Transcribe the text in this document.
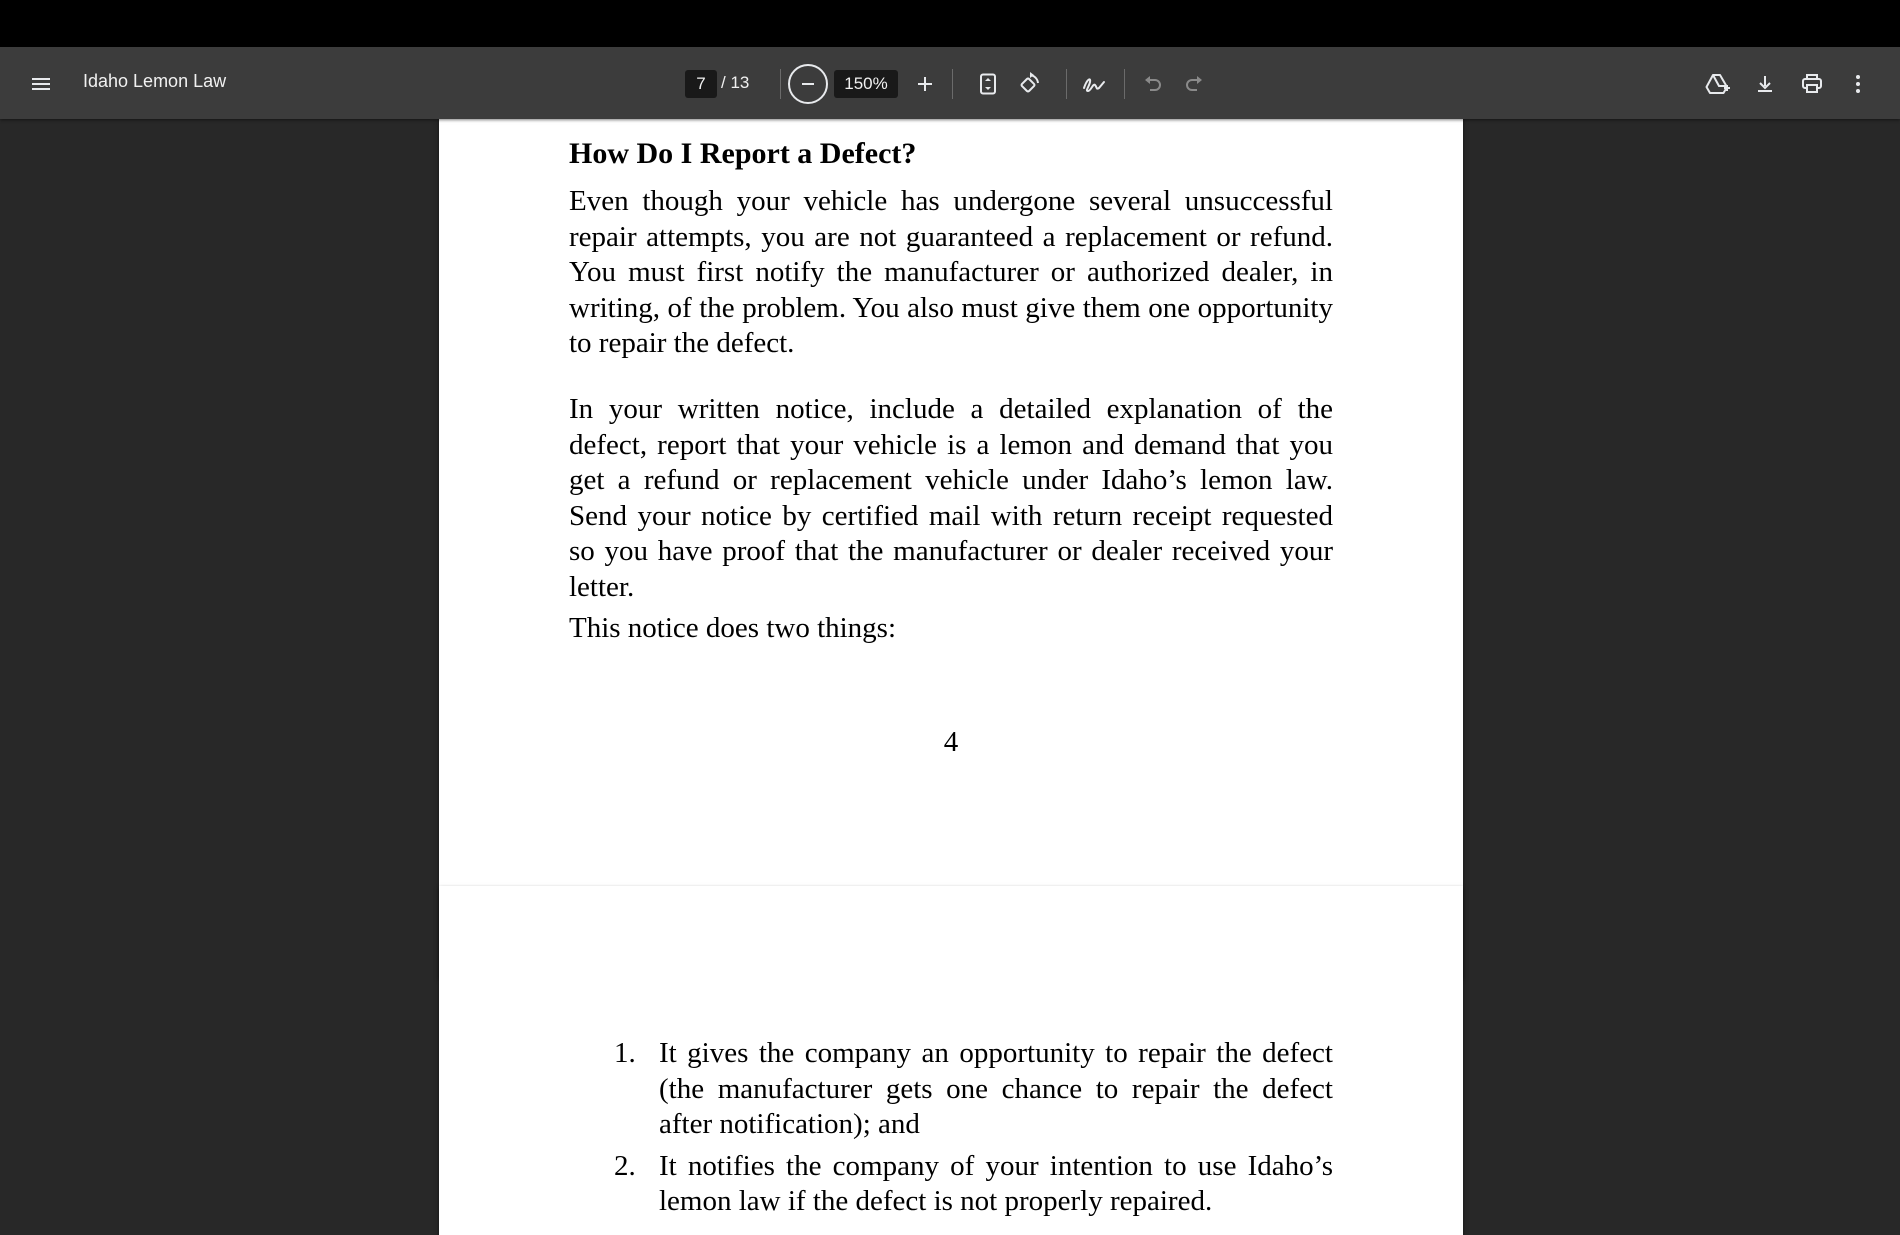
Idaho Lemon Law
7	/ 13
150%
How Do I Report a Defect?

Even though your vehicle has undergone several unsuccessful repair attempts, you are not guaranteed a replacement or refund. You must first notify the manufacturer or authorized dealer, in writing, of the problem. You also must give them one opportunity to repair the defect.

In your written notice, include a detailed explanation of the defect, report that your vehicle is a lemon and demand that you get a refund or replacement vehicle under Idaho’s lemon law. Send your notice by certified mail with return receipt requested so you have proof that the manufacturer or dealer received your letter.

This notice does two things:

4
1. It gives the company an opportunity to repair the defect (the manufacturer gets one chance to repair the defect after notification); and
2. It notifies the company of your intention to use Idaho’s lemon law if the defect is not properly repaired.
